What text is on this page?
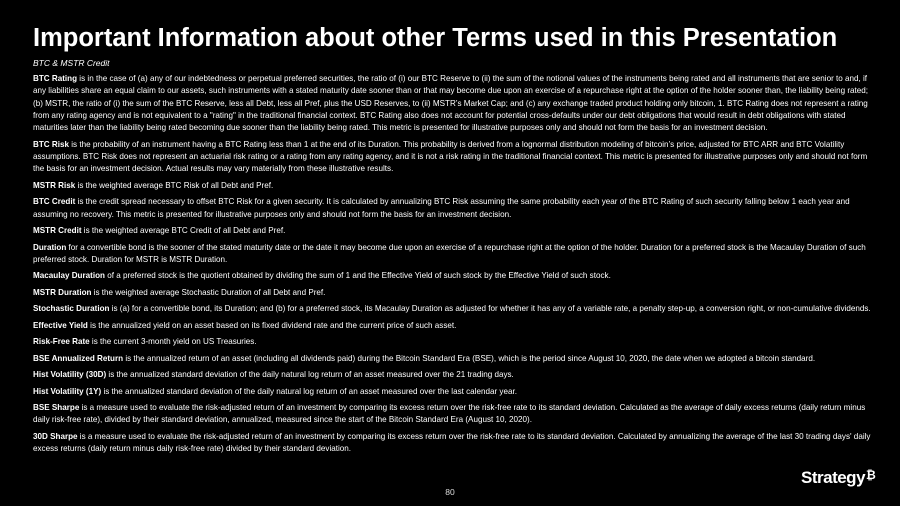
Important Information about other Terms used in this Presentation
BTC & MSTR Credit

BTC Rating is in the case of (a) any of our indebtedness or perpetual preferred securities, the ratio of (i) our BTC Reserve to (ii) the sum of the notional values of the instruments being rated and all instruments that are senior to and, if any liabilities share an equal claim to our assets, such instruments with a stated maturity date sooner than or that may become due upon an exercise of a repurchase right at the option of the holder sooner than, the liability being rated; (b) MSTR, the ratio of (i) the sum of the BTC Reserve, less all Debt, less all Pref, plus the USD Reserves, to (ii) MSTR’s Market Cap; and (c) any exchange traded product holding only bitcoin, 1. BTC Rating does not represent a rating from any rating agency and is not equivalent to a "rating" in the traditional financial context. BTC Rating also does not account for potential cross-defaults under our debt obligations that would result in debt obligations with stated maturities later than the liability being rated becoming due sooner than the liability being rated. This metric is presented for illustrative purposes only and should not form the basis for an investment decision.

BTC Risk is the probability of an instrument having a BTC Rating less than 1 at the end of its Duration. This probability is derived from a lognormal distribution modeling of bitcoin’s price, adjusted for BTC ARR and BTC Volatility assumptions. BTC Risk does not represent an actuarial risk rating or a rating from any rating agency, and it is not a risk rating in the traditional financial context. This metric is presented for illustrative purposes only and should not form the basis for an investment decision. Actual results may vary materially from these illustrative results.

MSTR Risk is the weighted average BTC Risk of all Debt and Pref.

BTC Credit is the credit spread necessary to offset BTC Risk for a given security. It is calculated by annualizing BTC Risk assuming the same probability each year of the BTC Rating of such security falling below 1 each year and assuming no recovery. This metric is presented for illustrative purposes only and should not form the basis for an investment decision.

MSTR Credit is the weighted average BTC Credit of all Debt and Pref.

Duration for a convertible bond is the sooner of the stated maturity date or the date it may become due upon an exercise of a repurchase right at the option of the holder. Duration for a preferred stock is the Macaulay Duration of such preferred stock. Duration for MSTR is MSTR Duration.

Macaulay Duration of a preferred stock is the quotient obtained by dividing the sum of 1 and the Effective Yield of such stock by the Effective Yield of such stock.

MSTR Duration is the weighted average Stochastic Duration of all Debt and Pref.

Stochastic Duration is (a) for a convertible bond, its Duration; and (b) for a preferred stock, its Macaulay Duration as adjusted for whether it has any of a variable rate, a penalty step-up, a conversion right, or non-cumulative dividends.

Effective Yield is the annualized yield on an asset based on its fixed dividend rate and the current price of such asset.

Risk-Free Rate is the current 3-month yield on US Treasuries.

BSE Annualized Return is the annualized return of an asset (including all dividends paid) during the Bitcoin Standard Era (BSE), which is the period since August 10, 2020, the date when we adopted a bitcoin standard.

Hist Volatility (30D) is the annualized standard deviation of the daily natural log return of an asset measured over the 21 trading days.

Hist Volatility (1Y) is the annualized standard deviation of the daily natural log return of an asset measured over the last calendar year.

BSE Sharpe is a measure used to evaluate the risk-adjusted return of an investment by comparing its excess return over the risk-free rate to its standard deviation. Calculated as the average of daily excess returns (daily return minus daily risk-free rate), divided by their standard deviation, annualized, measured since the start of the Bitcoin Standard Era (August 10, 2020).

30D Sharpe is a measure used to evaluate the risk-adjusted return of an investment by comparing its excess return over the risk-free rate to its standard deviation. Calculated by annualizing the average of the last 30 trading days' daily excess returns (daily return minus daily risk-free rate) divided by their standard deviation.

80
Strategy₿
